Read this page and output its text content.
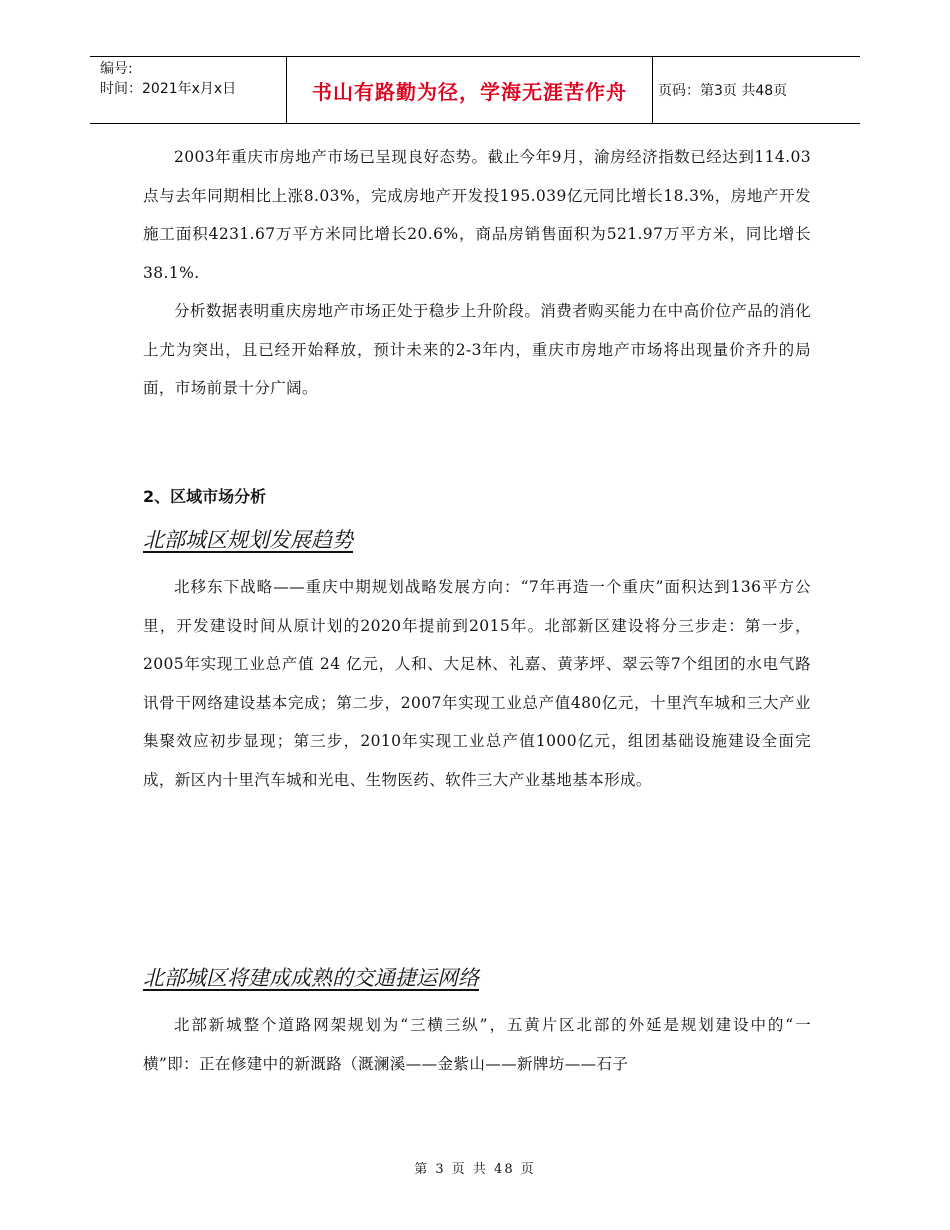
编号:
时间：2021年x月x日	书山有路勤为径，学海无涯苦作舟 页码：第3页 共48页

2003年重庆市房地产市场已呈现良好态势。截止今年9月，渝房经济指数已经达到114.03点与去年同期相比上涨8.03%，完成房地产开发投195.039亿元同比增长18.3%，房地产开发施工面积4231.67万平方米同比增长20.6%，商品房销售面积为521.97万平方米，同比增长38.1%.

分析数据表明重庆房地产市场正处于稳步上升阶段。消费者购买能力在中高价位产品的消化上尤为突出，且已经开始释放，预计未来的2-3年内，重庆市房地产市场将出现量价齐升的局面，市场前景十分广阔。

2、区域市场分析
北部城区规划发展趋势

北移东下战略——重庆中期规划战略发展方向：“7年再造一个重庆”面积达到136平方公里，开发建设时间从原计划的2020年提前到2015年。北部新区建设将分三步走：第一步，2005年实现工业总产值 24 亿元，人和、大足林、礼嘉、黄茅坪、翠云等7个组团的水电气路讯骨干网络建设基本完成；第二步，2007年实现工业总产值480亿元，十里汽车城和三大产业集聚效应初步显现；第三步，2010年实现工业总产值1000亿元，组团基础设施建设全面完成，新区内十里汽车城和光电、生物医药、软件三大产业基地基本形成。

北部城区将建成成熟的交通捷运网络

北部新城整个道路网架规划为“三横三纵”，五黄片区北部的外延是规划建设中的“一横”即：正在修建中的新溉路（溉澜溪——金紫山——新牌坊——石子

第 3 页 共 48 页
